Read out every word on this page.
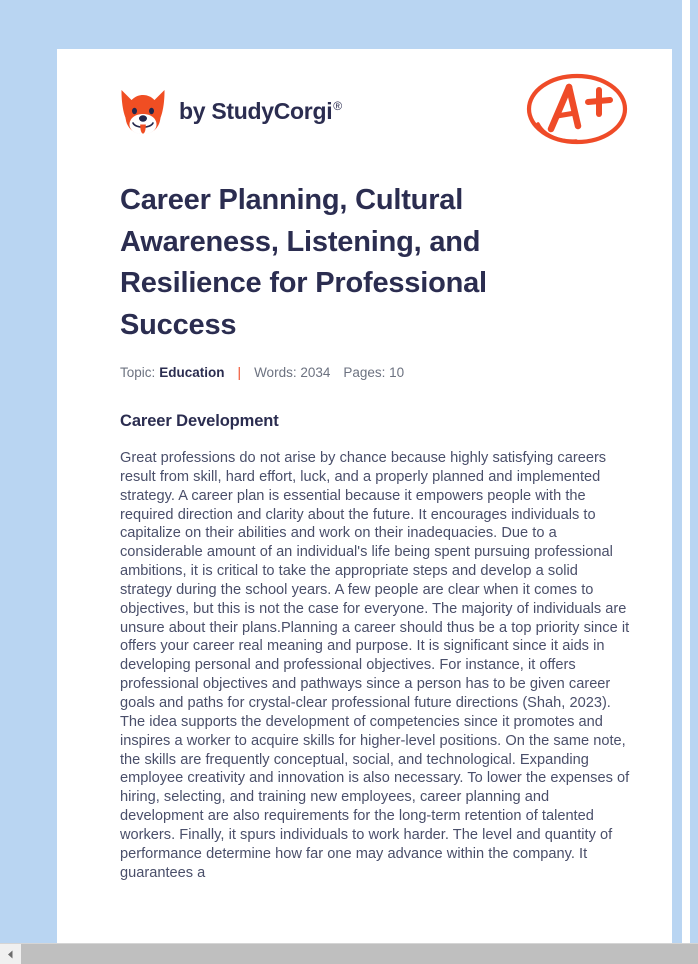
by StudyCorgi®
Career Planning, Cultural Awareness, Listening, and Resilience for Professional Success
Topic: Education | Words: 2034 Pages: 10
Career Development

Great professions do not arise by chance because highly satisfying careers result from skill, hard effort, luck, and a properly planned and implemented strategy. A career plan is essential because it empowers people with the required direction and clarity about the future. It encourages individuals to capitalize on their abilities and work on their inadequacies. Due to a considerable amount of an individual's life being spent pursuing professional ambitions, it is critical to take the appropriate steps and develop a solid strategy during the school years. A few people are clear when it comes to objectives, but this is not the case for everyone. The majority of individuals are unsure about their plans.Planning a career should thus be a top priority since it offers your career real meaning and purpose. It is significant since it aids in developing personal and professional objectives. For instance, it offers professional objectives and pathways since a person has to be given career goals and paths for crystal-clear professional future directions (Shah, 2023). The idea supports the development of competencies since it promotes and inspires a worker to acquire skills for higher-level positions. On the same note, the skills are frequently conceptual, social, and technological. Expanding employee creativity and innovation is also necessary. To lower the expenses of hiring, selecting, and training new employees, career planning and development are also requirements for the long-term retention of talented workers. Finally, it spurs individuals to work harder. The level and quantity of performance determine how far one may advance within the company. It guarantees a
